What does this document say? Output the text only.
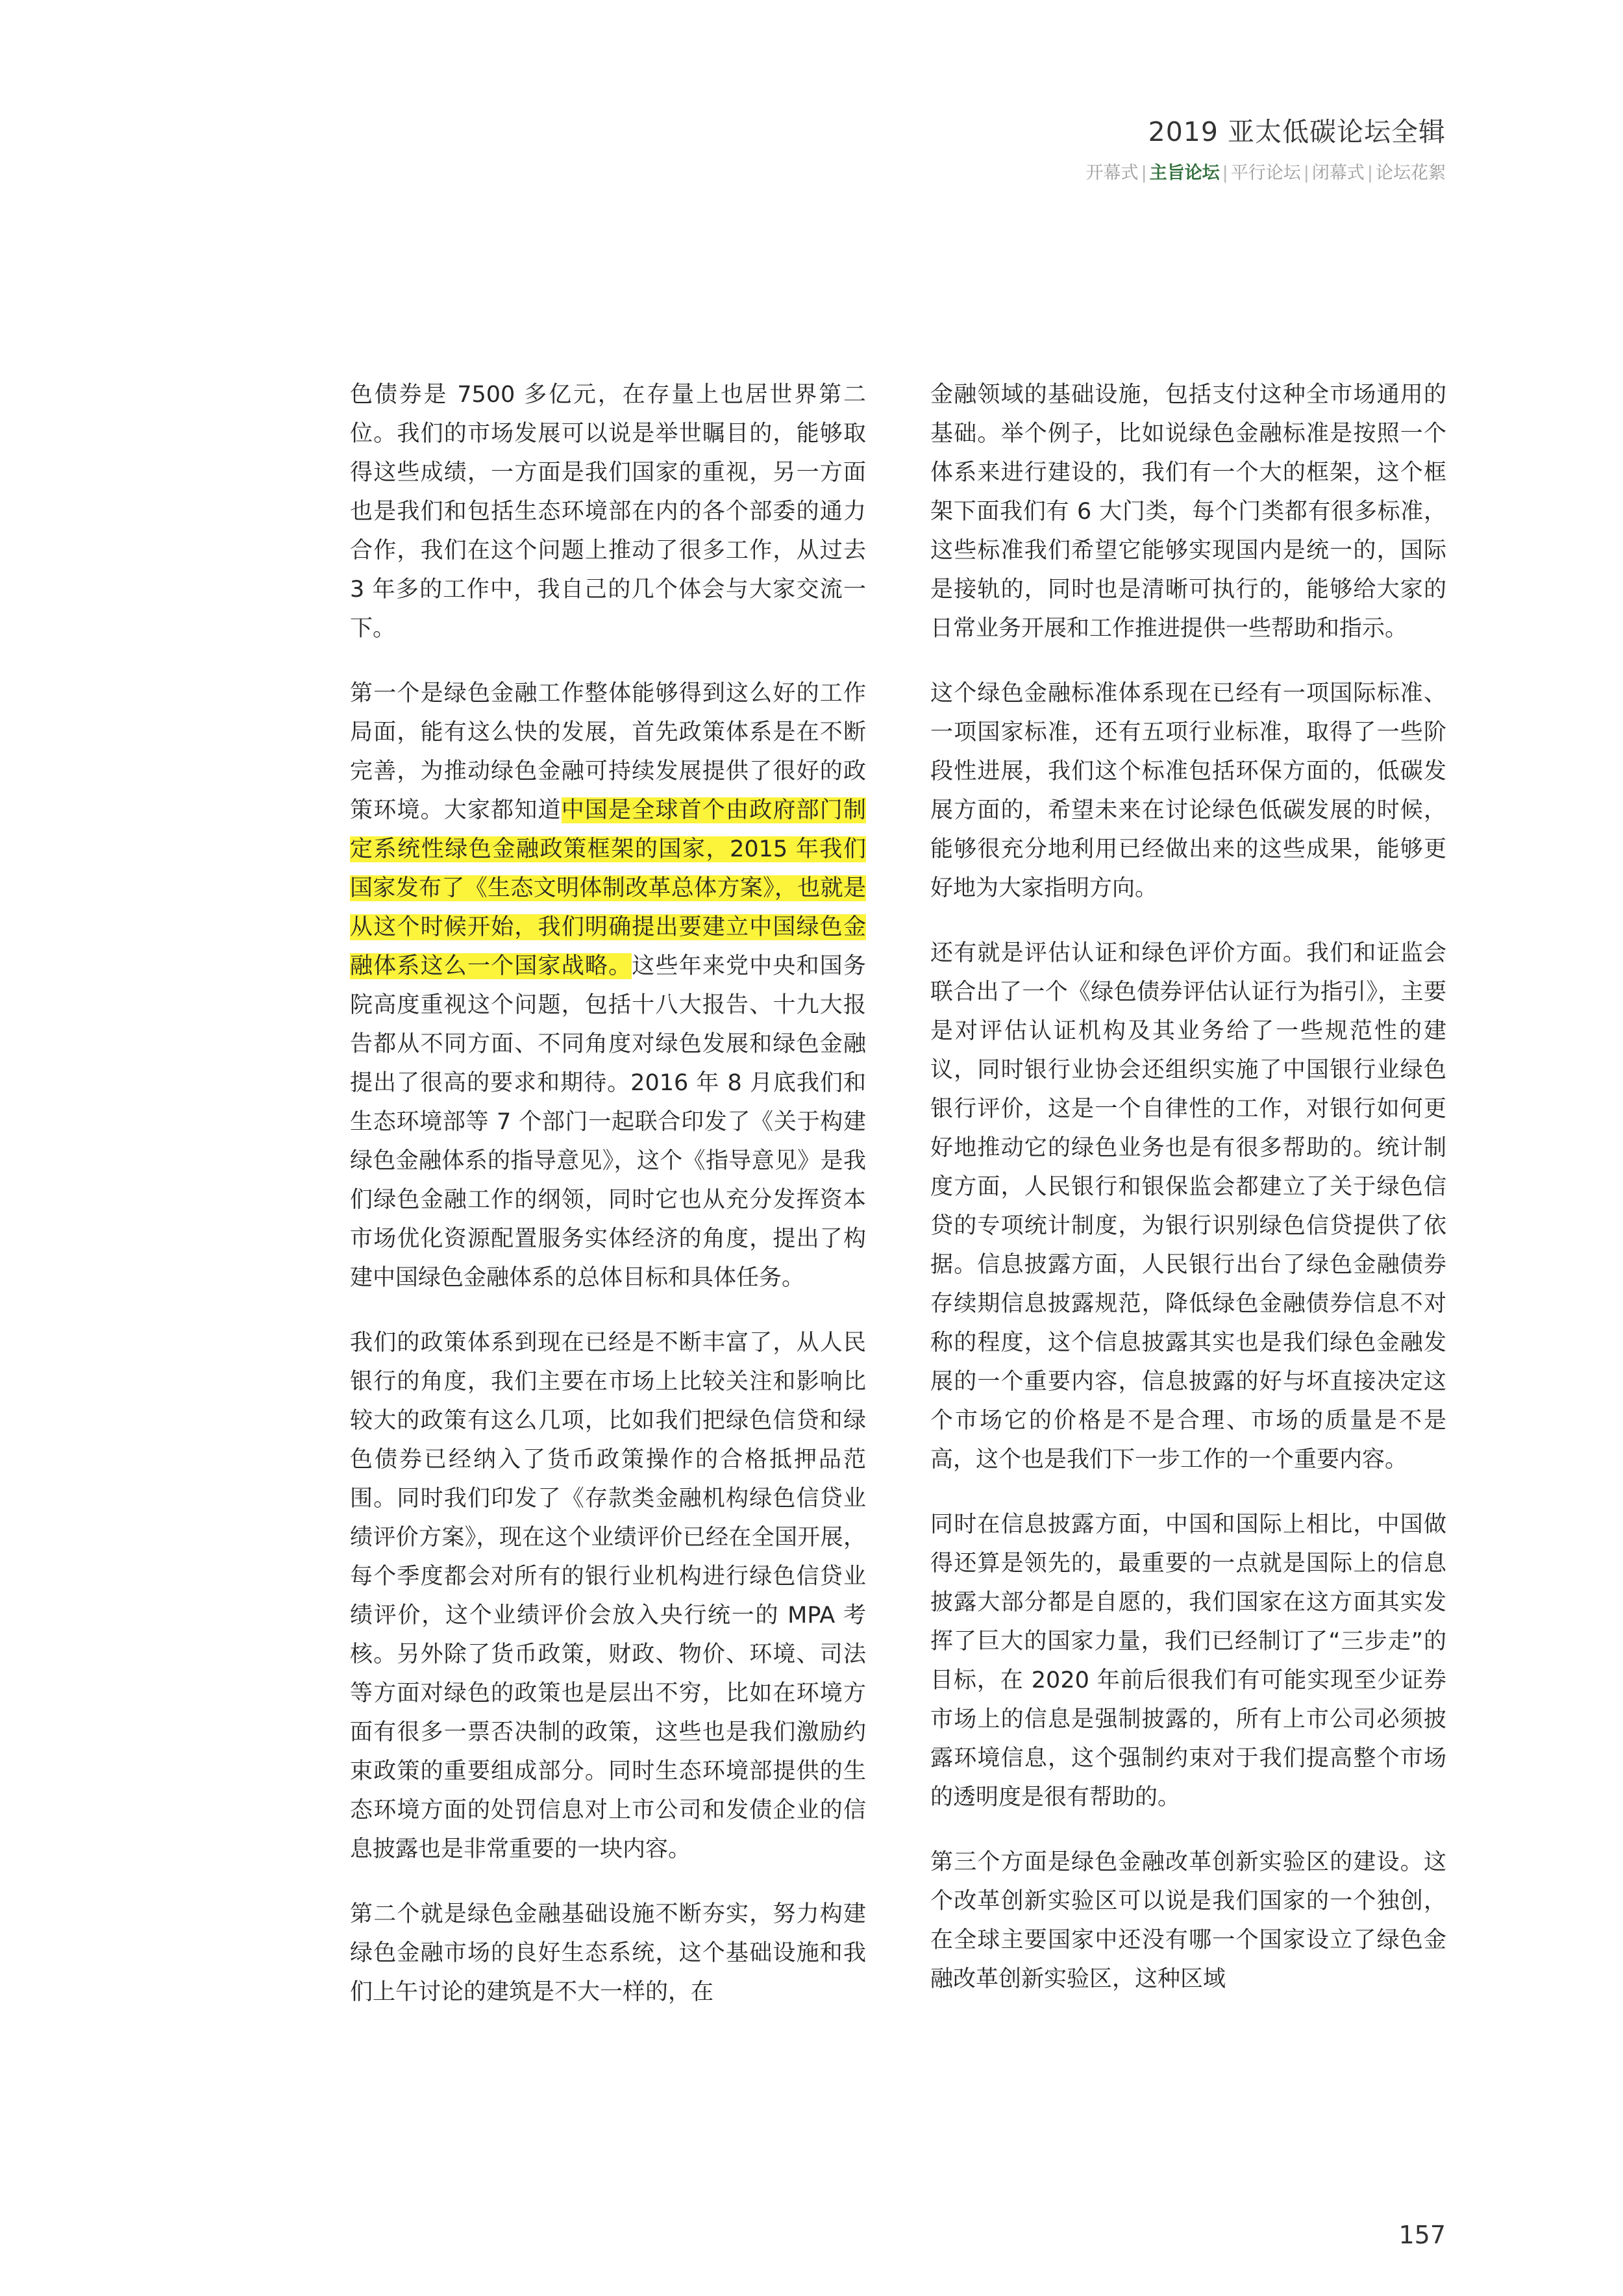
2019 亚太低碳论坛全辑
开幕式 | 主旨论坛 | 平行论坛 | 闭幕式 | 论坛花絮

色债券是 7500 多亿元，在存量上也居世界第二位。我们的市场发展可以说是举世瞩目的，能够取得这些成绩，一方面是我们国家的重视，另一方面也是我们和包括生态环境部在内的各个部委的通力合作，我们在这个问题上推动了很多工作，从过去 3 年多的工作中，我自己的几个体会与大家交流一下。

第一个是绿色金融工作整体能够得到这么好的工作局面，能有这么快的发展，首先政策体系是在不断完善，为推动绿色金融可持续发展提供了很好的政策环境。大家都知道中国是全球首个由政府部门制定系统性绿色金融政策框架的国家，2015 年我们国家发布了《生态文明体制改革总体方案》，也就是从这个时候开始，我们明确提出要建立中国绿色金融体系这么一个国家战略。这些年来党中央和国务院高度重视这个问题，包括十八大报告、十九大报告都从不同方面、不同角度对绿色发展和绿色金融提出了很高的要求和期待。2016 年 8 月底我们和生态环境部等 7 个部门一起联合印发了《关于构建绿色金融体系的指导意见》，这个《指导意见》是我们绿色金融工作的纲领，同时它也从充分发挥资本市场优化资源配置服务实体经济的角度，提出了构建中国绿色金融体系的总体目标和具体任务。

我们的政策体系到现在已经是不断丰富了，从人民银行的角度，我们主要在市场上比较关注和影响比较大的政策有这么几项，比如我们把绿色信贷和绿色债券已经纳入了货币政策操作的合格抵押品范围。同时我们印发了《存款类金融机构绿色信贷业绩评价方案》，现在这个业绩评价已经在全国开展，每个季度都会对所有的银行业机构进行绿色信贷业绩评价，这个业绩评价会放入央行统一的 MPA 考核。另外除了货币政策，财政、物价、环境、司法等方面对绿色的政策也是层出不穷，比如在环境方面有很多一票否决制的政策，这些也是我们激励约束政策的重要组成部分。同时生态环境部提供的生态环境方面的处罚信息对上市公司和发债企业的信息披露也是非常重要的一块内容。

第二个就是绿色金融基础设施不断夯实，努力构建绿色金融市场的良好生态系统，这个基础设施和我们上午讨论的建筑是不大一样的，在

金融领域的基础设施，包括支付这种全市场通用的基础。举个例子，比如说绿色金融标准是按照一个体系来进行建设的，我们有一个大的框架，这个框架下面我们有 6 大门类，每个门类都有很多标准，这些标准我们希望它能够实现国内是统一的，国际是接轨的，同时也是清晰可执行的，能够给大家的日常业务开展和工作推进提供一些帮助和指示。

这个绿色金融标准体系现在已经有一项国际标准、一项国家标准，还有五项行业标准，取得了一些阶段性进展，我们这个标准包括环保方面的，低碳发展方面的，希望未来在讨论绿色低碳发展的时候，能够很充分地利用已经做出来的这些成果，能够更好地为大家指明方向。

还有就是评估认证和绿色评价方面。我们和证监会联合出了一个《绿色债券评估认证行为指引》，主要是对评估认证机构及其业务给了一些规范性的建议，同时银行业协会还组织实施了中国银行业绿色银行评价，这是一个自律性的工作，对银行如何更好地推动它的绿色业务也是有很多帮助的。统计制度方面，人民银行和银保监会都建立了关于绿色信贷的专项统计制度，为银行识别绿色信贷提供了依据。信息披露方面，人民银行出台了绿色金融债券存续期信息披露规范，降低绿色金融债券信息不对称的程度，这个信息披露其实也是我们绿色金融发展的一个重要内容，信息披露的好与坏直接决定这个市场它的价格是不是合理、市场的质量是不是高，这个也是我们下一步工作的一个重要内容。

同时在信息披露方面，中国和国际上相比，中国做得还算是领先的，最重要的一点就是国际上的信息披露大部分都是自愿的，我们国家在这方面其实发挥了巨大的国家力量，我们已经制订了“三步走”的目标，在 2020 年前后很我们有可能实现至少证券市场上的信息是强制披露的，所有上市公司必须披露环境信息，这个强制约束对于我们提高整个市场的透明度是很有帮助的。

第三个方面是绿色金融改革创新实验区的建设。这个改革创新实验区可以说是我们国家的一个独创，在全球主要国家中还没有哪一个国家设立了绿色金融改革创新实验区，这种区域

157
